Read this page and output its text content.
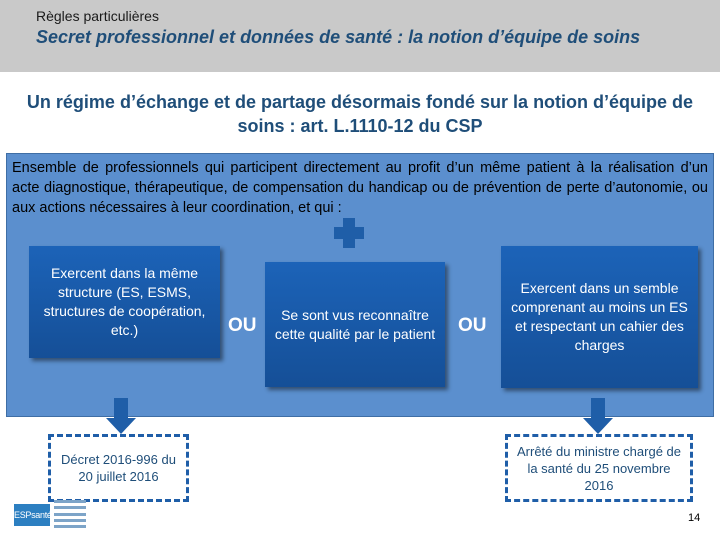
Règles particulières
Secret professionnel et données de santé : la notion d’équipe de soins
Un régime d’échange et de partage désormais fondé sur la notion d’équipe de soins : art. L.1110-12 du CSP
Ensemble de professionnels qui participent directement au profit d’un même patient à la réalisation d’un acte diagnostique, thérapeutique, de compensation du handicap ou de prévention de perte d’autonomie, ou aux actions nécessaires à leur coordination, et qui :
Exercent dans la même structure (ES, ESMS, structures de coopération, etc.)	OU
Se sont vus reconnaître cette qualité par le patient OU
Exercent dans un semble comprenant au moins un ES et respectant un cahier des charges
Décret 2016-996 du 20 juillet 2016
Arrêté du ministre chargé de la santé du 25 novembre 2016
ESPsanté	14
